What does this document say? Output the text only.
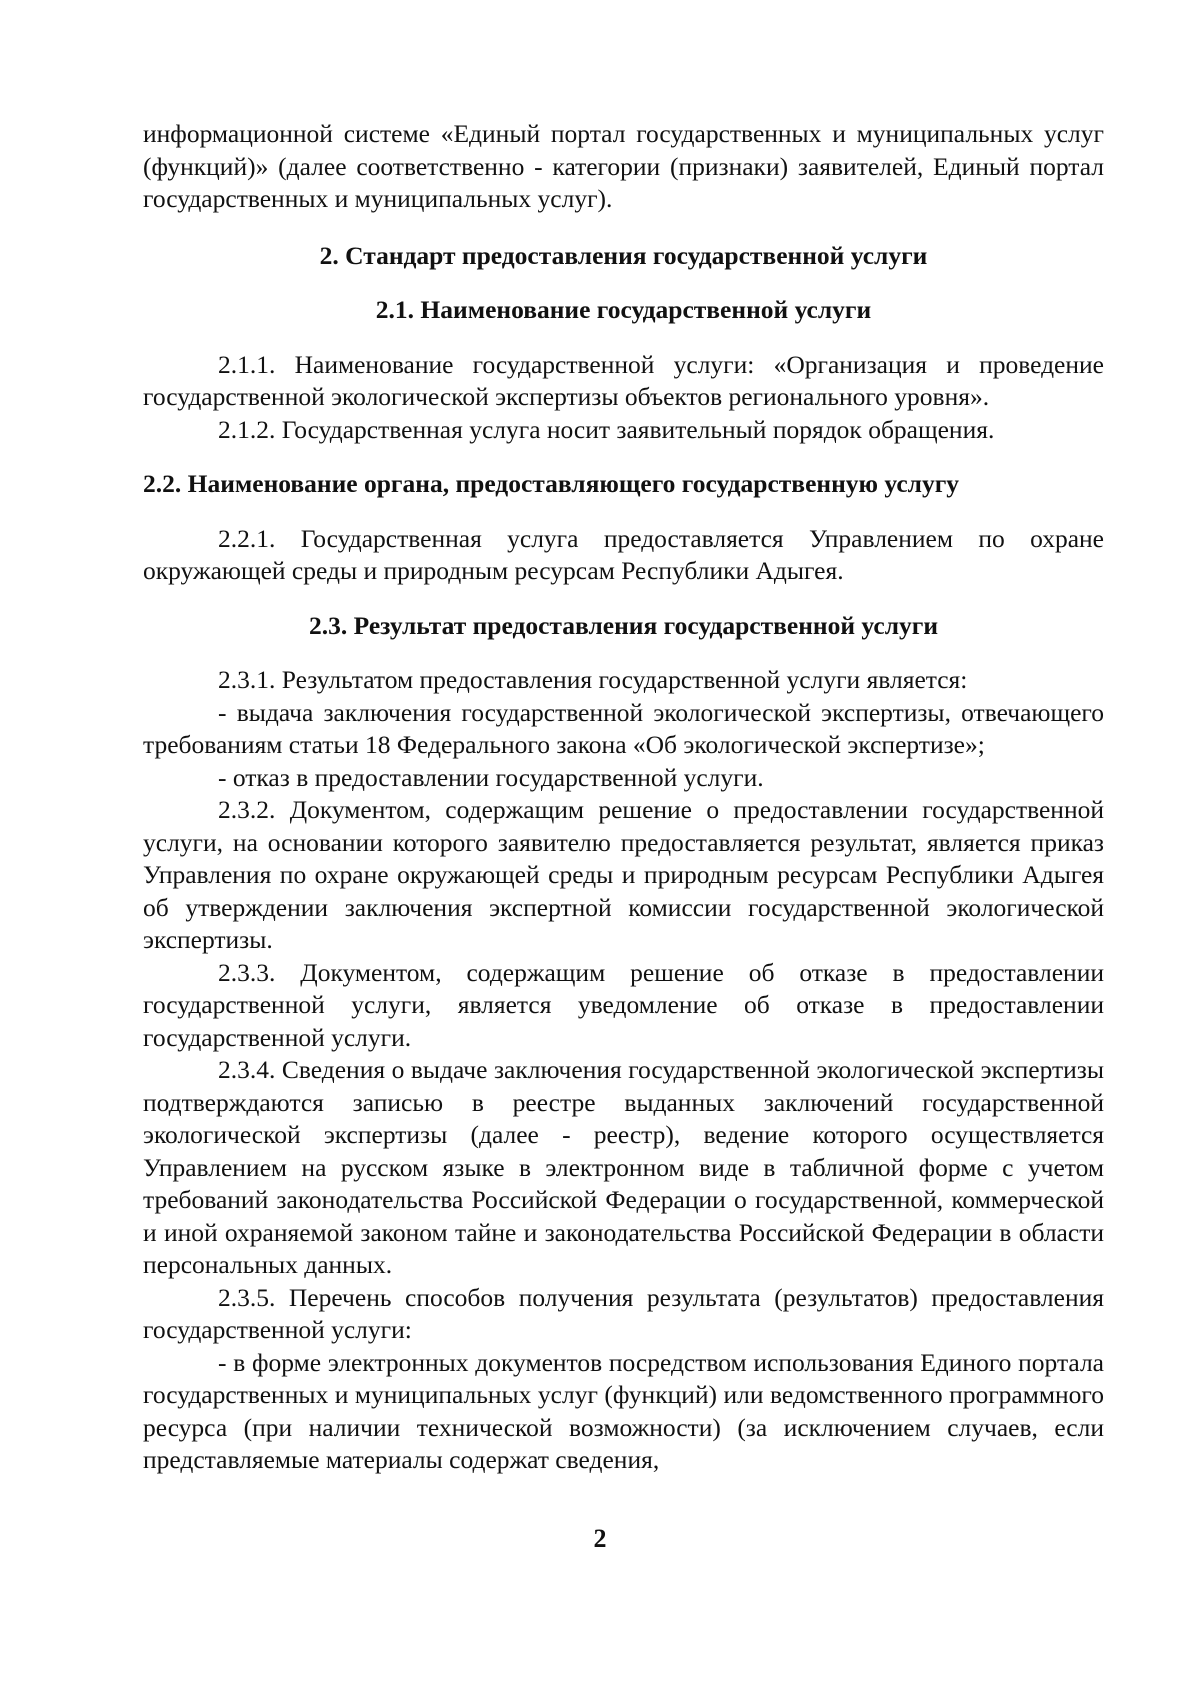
информационной системе «Единый портал государственных и муниципальных услуг (функций)» (далее соответственно - категории (признаки) заявителей, Единый портал государственных и муниципальных услуг).

2. Стандарт предоставления государственной услуги

2.1. Наименование государственной услуги

2.1.1. Наименование государственной услуги: «Организация и проведение государственной экологической экспертизы объектов регионального уровня».

2.1.2. Государственная услуга носит заявительный порядок обращения.

2.2. Наименование органа, предоставляющего государственную услугу

2.2.1. Государственная услуга предоставляется Управлением по охране окружающей среды и природным ресурсам Республики Адыгея.

2.3. Результат предоставления государственной услуги

2.3.1. Результатом предоставления государственной услуги является:

- выдача заключения государственной экологической экспертизы, отвечающего требованиям статьи 18 Федерального закона «Об экологической экспертизе»;

- отказ в предоставлении государственной услуги.

2.3.2. Документом, содержащим решение о предоставлении государственной услуги, на основании которого заявителю предоставляется результат, является приказ Управления по охране окружающей среды и природным ресурсам Республики Адыгея об утверждении заключения экспертной комиссии государственной экологической экспертизы.

2.3.3. Документом, содержащим решение об отказе в предоставлении государственной услуги, является уведомление об отказе в предоставлении государственной услуги.

2.3.4. Сведения о выдаче заключения государственной экологической экспертизы подтверждаются записью в реестре выданных заключений государственной экологической экспертизы (далее - реестр), ведение которого осуществляется Управлением на русском языке в электронном виде в табличной форме с учетом требований законодательства Российской Федерации о государственной, коммерческой и иной охраняемой законом тайне и законодательства Российской Федерации в области персональных данных.

2.3.5. Перечень способов получения результата (результатов) предоставления государственной услуги:

- в форме электронных документов посредством использования Единого портала государственных и муниципальных услуг (функций) или ведомственного программного ресурса (при наличии технической возможности) (за исключением случаев, если представляемые материалы содержат сведения,

2
